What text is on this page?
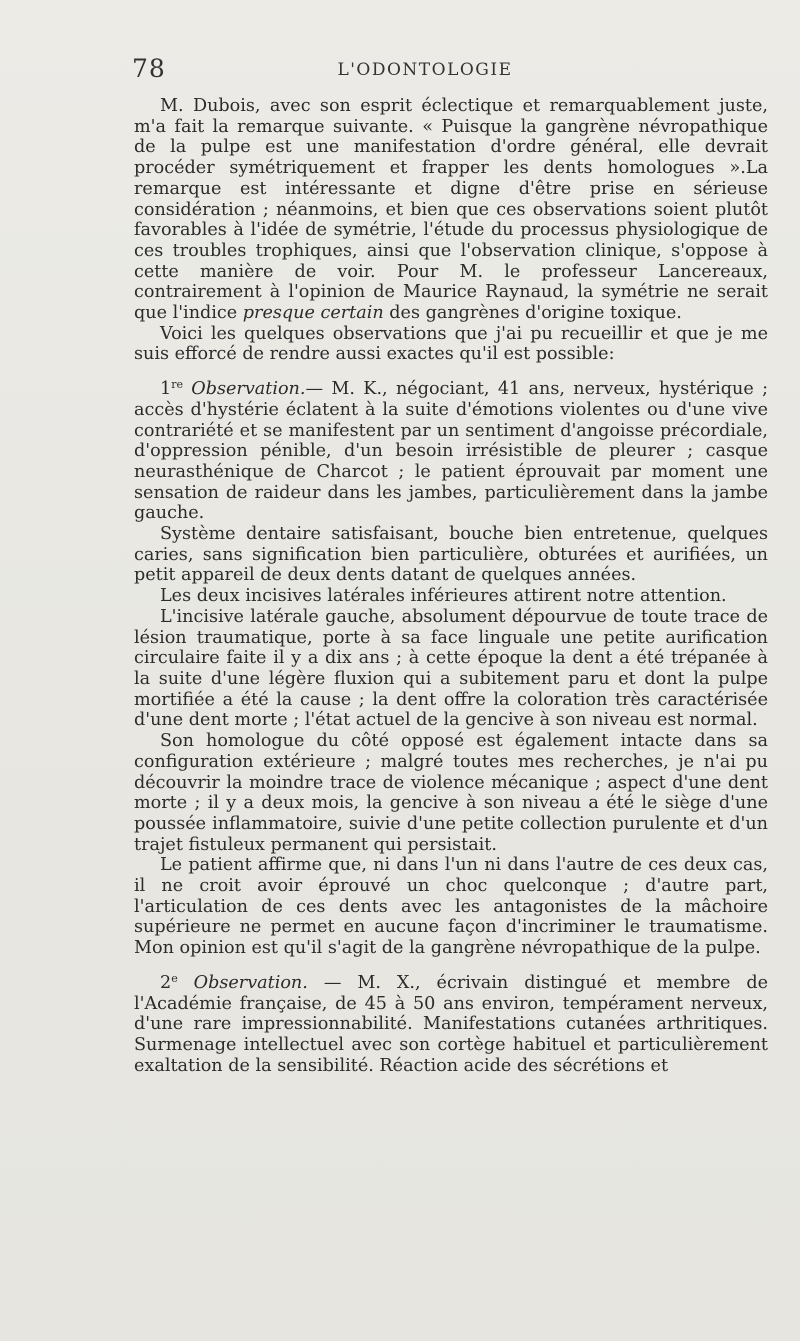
78	L'ODONTOLOGIE

M. Dubois, avec son esprit éclectique et remarquablement juste, m'a fait la remarque suivante. « Puisque la gangrène névropathique de la pulpe est une manifestation d'ordre général, elle devrait procéder symétriquement et frapper les dents homologues ».La remarque est intéressante et digne d'être prise en sérieuse considération ; néanmoins, et bien que ces observations soient plutôt favorables à l'idée de symétrie, l'étude du processus physiologique de ces troubles trophiques, ainsi que l'observation clinique, s'oppose à cette manière de voir. Pour M. le professeur Lancereaux, contrairement à l'opinion de Maurice Raynaud, la symétrie ne serait que l'indice presque certain des gangrènes d'origine toxique.

Voici les quelques observations que j'ai pu recueillir et que je me suis efforcé de rendre aussi exactes qu'il est possible:

1re Observation.— M. K., négociant, 41 ans, nerveux, hystérique ; accès d'hystérie éclatent à la suite d'émotions violentes ou d'une vive contrariété et se manifestent par un sentiment d'angoisse précordiale, d'oppression pénible, d'un besoin irrésistible de pleurer ; casque neurasthénique de Charcot ; le patient éprouvait par moment une sensation de raideur dans les jambes, particulièrement dans la jambe gauche.

Système dentaire satisfaisant, bouche bien entretenue, quelques caries, sans signification bien particulière, obturées et aurifiées, un petit appareil de deux dents datant de quelques années.

Les deux incisives latérales inférieures attirent notre attention.

L'incisive latérale gauche, absolument dépourvue de toute trace de lésion traumatique, porte à sa face linguale une petite aurification circulaire faite il y a dix ans ; à cette époque la dent a été trépanée à la suite d'une légère fluxion qui a subitement paru et dont la pulpe mortifiée a été la cause ; la dent offre la coloration très caractérisée d'une dent morte ; l'état actuel de la gencive à son niveau est normal.

Son homologue du côté opposé est également intacte dans sa configuration extérieure ; malgré toutes mes recherches, je n'ai pu découvrir la moindre trace de violence mécanique ; aspect d'une dent morte ; il y a deux mois, la gencive à son niveau a été le siège d'une poussée inflammatoire, suivie d'une petite collection purulente et d'un trajet fistuleux permanent qui persistait.

Le patient affirme que, ni dans l'un ni dans l'autre de ces deux cas, il ne croit avoir éprouvé un choc quelconque ; d'autre part, l'articulation de ces dents avec les antagonistes de la mâchoire supérieure ne permet en aucune façon d'incriminer le traumatisme. Mon opinion est qu'il s'agit de la gangrène névropathique de la pulpe.

2e Observation. — M. X., écrivain distingué et membre de l'Académie française, de 45 à 50 ans environ, tempérament nerveux, d'une rare impressionnabilité. Manifestations cutanées arthritiques. Surmenage intellectuel avec son cortège habituel et particulièrement exaltation de la sensibilité. Réaction acide des sécrétions et
